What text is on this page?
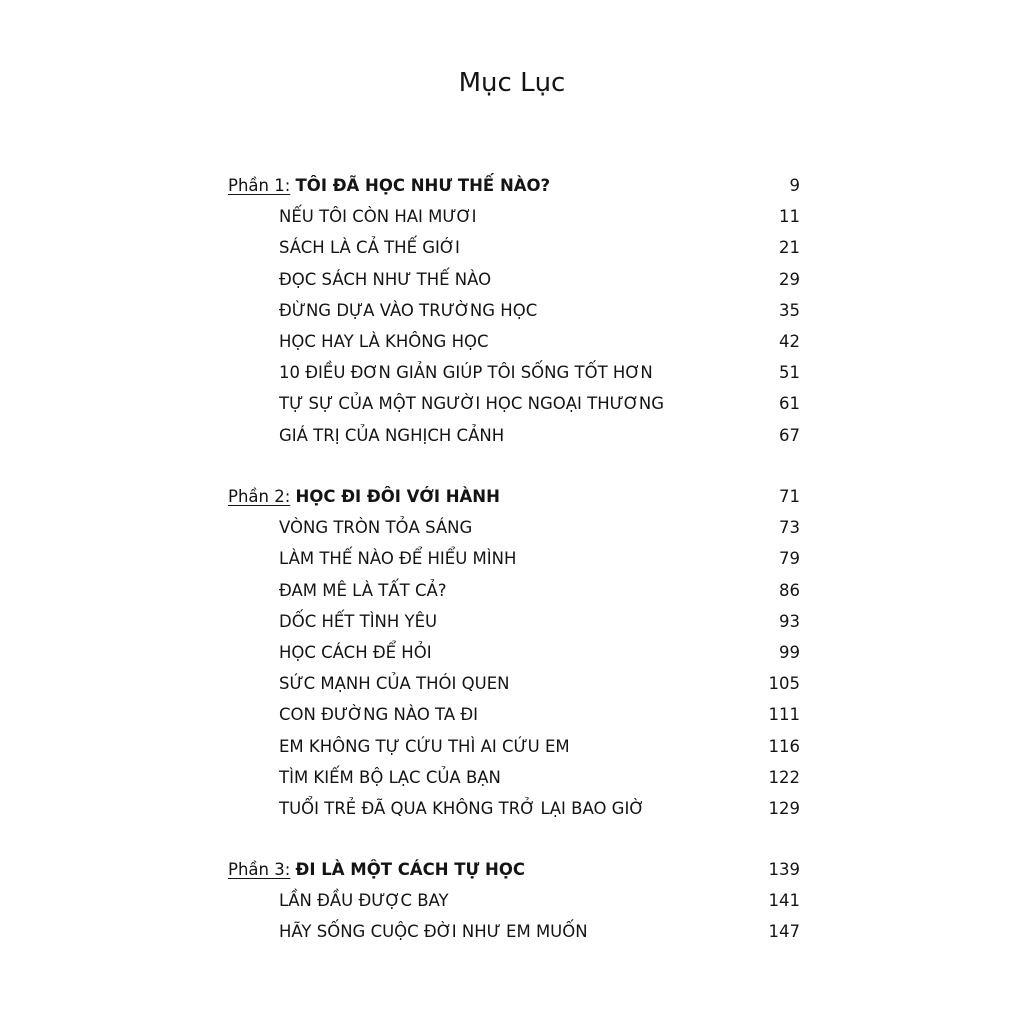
Mục Lục
Phần 1: TÔI ĐÃ HỌC NHƯ THẾ NÀO?	9
NẾU TÔI CÒN HAI MƯƠI	11
SÁCH LÀ CẢ THẾ GIỚI	21
ĐỌC SÁCH NHƯ THẾ NÀO	29
ĐỪNG DỰA VÀO TRƯỜNG HỌC	35
HỌC HAY LÀ KHÔNG HỌC	42
10 ĐIỀU ĐƠN GIẢN GIÚP TÔI SỐNG TỐT HƠN	51
TỰ SỰ CỦA MỘT NGƯỜI HỌC NGOẠI THƯƠNG	61
GIÁ TRỊ CỦA NGHỊCH CẢNH	67
Phần 2: HỌC ĐI ĐÔI VỚI HÀNH	71
VÒNG TRÒN TỎA SÁNG	73
LÀM THẾ NÀO ĐỂ HIỂU MÌNH	79
ĐAM MÊ LÀ TẤT CẢ?	86
DỐC HẾT TÌNH YÊU	93
HỌC CÁCH ĐỂ HỎI	99
SỨC MẠNH CỦA THÓI QUEN	105
CON ĐƯỜNG NÀO TA ĐI	111
EM KHÔNG TỰ CỨU THÌ AI CỨU EM	116
TÌM KIẾM BỘ LẠC CỦA BẠN	122
TUỔI TRẺ ĐÃ QUA KHÔNG TRỞ LẠI BAO GIỜ	129
Phần 3: ĐI LÀ MỘT CÁCH TỰ HỌC	139
LẦN ĐẦU ĐƯỢC BAY	141
HÃY SỐNG CUỘC ĐỜI NHƯ EM MUỐN	147
